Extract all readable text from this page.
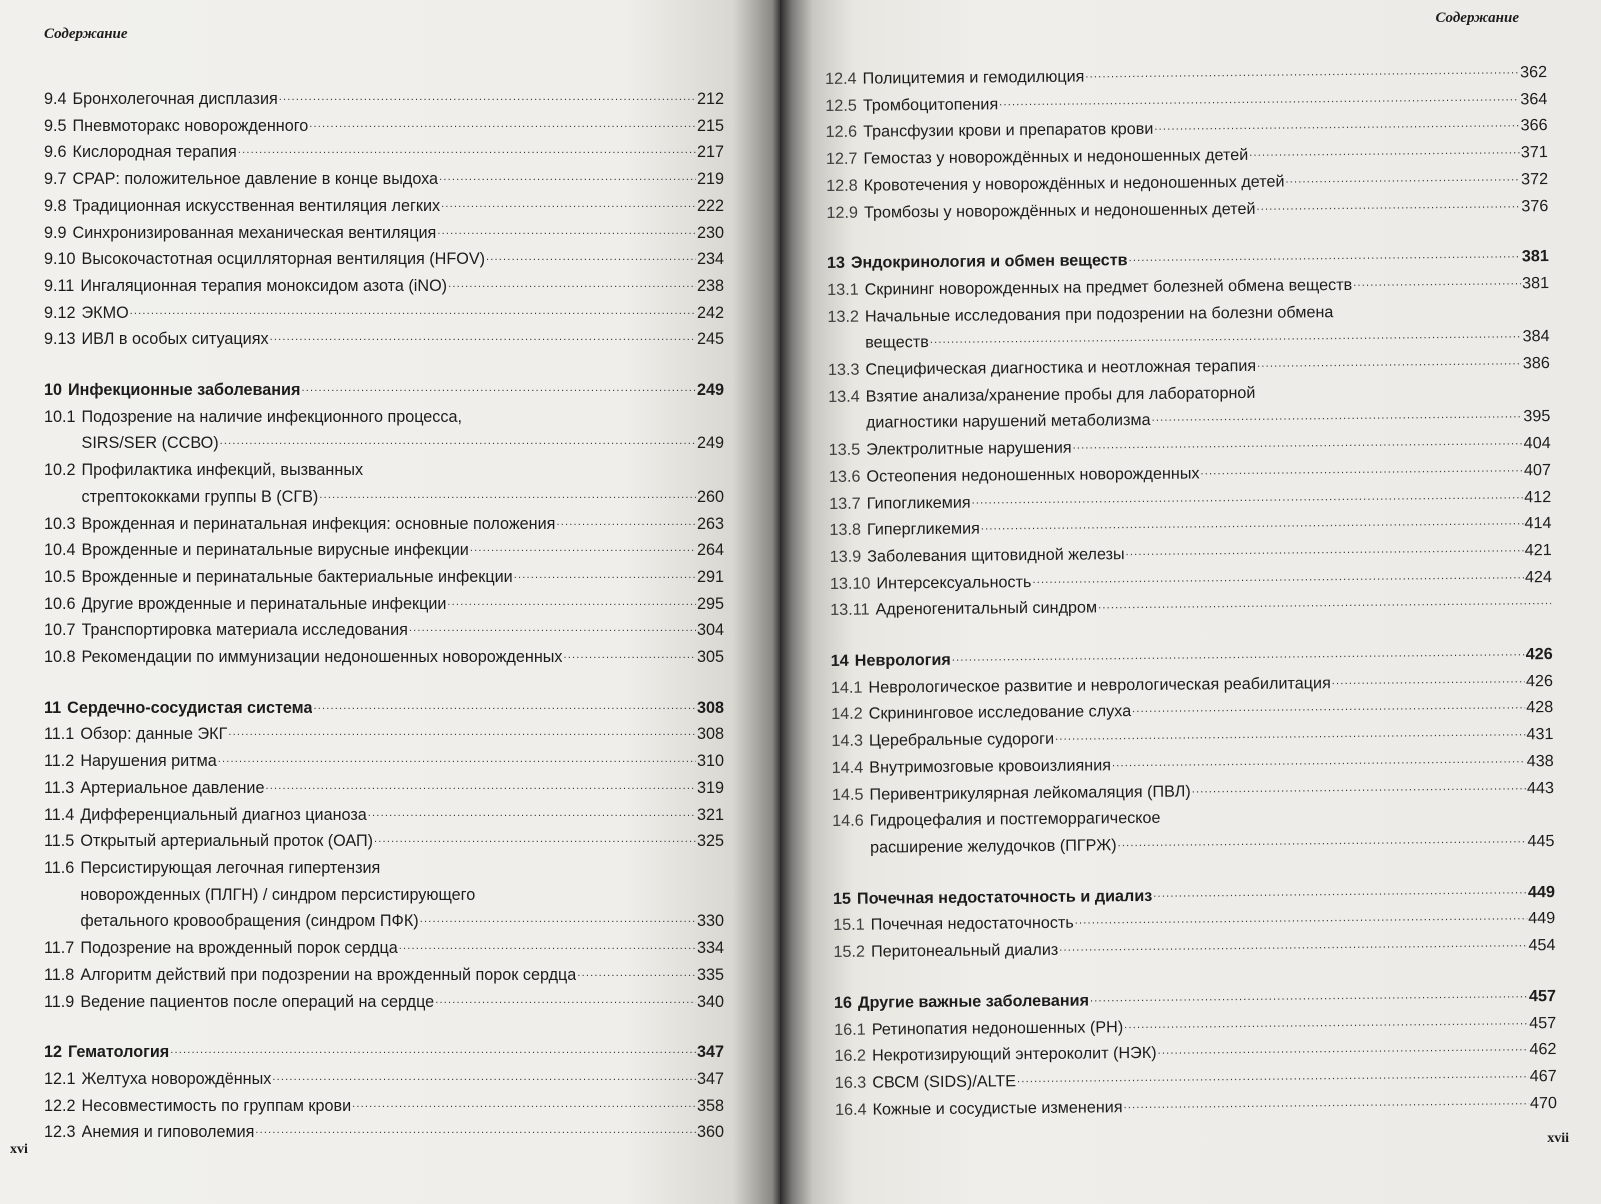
Содержание
9.4 Бронхолегочная дисплазия .....	212
9.5 Пневмоторакс новорожденного .....	215
9.6 Кислородная терапия .....	217
9.7 CPAP: положительное давление в конце выдоха .....	219
9.8 Традиционная искусственная вентиляция легких .....	222
9.9 Синхронизированная механическая вентиляция .....	230
9.10 Высокочастотная осцилляторная вентиляция (HFOV) .....	234
9.11 Ингаляционная терапия моноксидом азота (iNO) .....	238
9.12 ЭКМО .....	242
9.13 ИВЛ в особых ситуациях .....	245
10 Инфекционные заболевания .....	249
10.1 Подозрение на наличие инфекционного процесса,
SIRS/SER (ССВО) .....	249
10.2 Профилактика инфекций, вызванных
стрептококками группы В (СГВ) .....	260
10.3 Врожденная и перинатальная инфекция: основные положения .....	263
10.4 Врожденные и перинатальные вирусные инфекции .....	264
10.5 Врожденные и перинатальные бактериальные инфекции .....	291
10.6 Другие врожденные и перинатальные инфекции .....	295
10.7 Транспортировка материала исследования .....	304
10.8 Рекомендации по иммунизации недоношенных новорожденных .....	305
11 Сердечно-сосудистая система .....	308
11.1 Обзор: данные ЭКГ .....	308
11.2 Нарушения ритма .....	310
11.3 Артериальное давление .....	319
11.4 Дифференциальный диагноз цианоза .....	321
11.5 Открытый артериальный проток (ОАП) .....	325
11.6 Персистирующая легочная гипертензия
новорожденных (ПЛГН) / синдром персистирующего
фетального кровообращения (синдром ПФК) .....	330
11.7 Подозрение на врожденный порок сердца .....	334
11.8 Алгоритм действий при подозрении на врожденный порок сердца .....	335
11.9 Ведение пациентов после операций на сердце .....	340
12 Гематология .....	347
12.1 Желтуха новорождённых .....	347
12.2 Несовместимость по группам крови .....	358
12.3 Анемия и гиповолемия .....	360
xvi
Содержание
12.4 Полицитемия и гемодилюция .....	362
12.5 Тромбоцитопения .....	364
12.6 Трансфузии крови и препаратов крови .....	366
12.7 Гемостаз у новорождённых и недоношенных детей .....	371
12.8 Кровотечения у новорождённых и недоношенных детей .....	372
12.9 Тромбозы у новорождённых и недоношенных детей .....	376
13 Эндокринология и обмен веществ .....	381
13.1 Скрининг новорожденных на предмет болезней обмена веществ .....	381
13.2 Начальные исследования при подозрении на болезни обмена
веществ .....	384
13.3 Специфическая диагностика и неотложная терапия .....	386
13.4 Взятие анализа/хранение пробы для лабораторной
диагностики нарушений метаболизма .....	395
13.5 Электролитные нарушения .....	404
13.6 Остеопения недоношенных новорожденных .....	407
13.7 Гипогликемия .....	412
13.8 Гипергликемия .....	414
13.9 Заболевания щитовидной железы .....	421
13.10 Интерсексуальность .....	424
13.11 Адреногенитальный синдром
.....
14 Неврология .....	426
14.1 Неврологическое развитие и неврологическая реабилитация .....	426
14.2 Скрининговое исследование слуха .....	428
14.3 Церебральные судороги .....	431
14.4 Внутримозговые кровоизлияния .....	438
14.5 Перивентрикулярная лейкомаляция (ПВЛ) .....	443
14.6 Гидроцефалия и постгеморрагическое
расширение желудочков (ПГРЖ) .....	445
15 Почечная недостаточность и диализ .....	449
15.1 Почечная недостаточность .....	449
15.2 Перитонеальный диализ .....	454
16 Другие важные заболевания .....	457
16.1 Ретинопатия недоношенных (РН) .....	457
16.2 Некротизирующий энтероколит (НЭК) .....	462
16.3 СВСМ (SIDS)/ALTE .....	467
16.4 Кожные и сосудистые изменения .....	470
xvii
